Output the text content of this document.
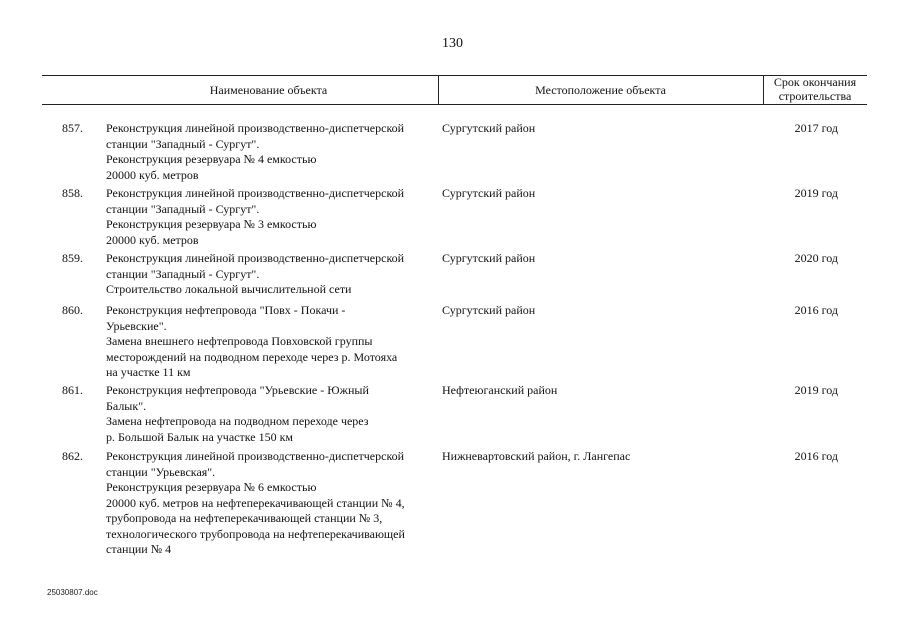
130
Наименование объекта	Местоположение объекта
Срок окончания
строительства
857.	Реконструкция линейной производственно-диспетчерской
станции "Западный - Сургут".
Реконструкция резервуара № 4 емкостью
20000 куб. метров
Сургутский район	2017 год
858.	Реконструкция линейной производственно-диспетчерской
станции "Западный - Сургут".
Реконструкция резервуара № 3 емкостью
20000 куб. метров
Сургутский район	2019 год
859.	Реконструкция линейной производственно-диспетчерской
станции "Западный - Сургут".
Строительство локальной вычислительной сети
Сургутский район	2020 год
860.	Реконструкция нефтепровода "Повх - Покачи -
Урьевские".
Замена внешнего нефтепровода Повховской группы
месторождений на подводном переходе через р. Мотояха
на участке 11 км
Сургутский район	2016 год
861.	Реконструкция нефтепровода "Урьевские - Южный
Балык".
Замена нефтепровода на подводном переходе через
р. Большой Балык на участке 150 км
Нефтеюганский район	2019 год
862.	Реконструкция линейной производственно-диспетчерской
станции "Урьевская".
Реконструкция резервуара № 6 емкостью
20000 куб. метров на нефтеперекачивающей станции № 4,
трубопровода на нефтеперекачивающей станции № 3,
технологического трубопровода на нефтеперекачивающей
станции № 4
Нижневартовский район, г. Лангепас	2016 год
25030807.doc
